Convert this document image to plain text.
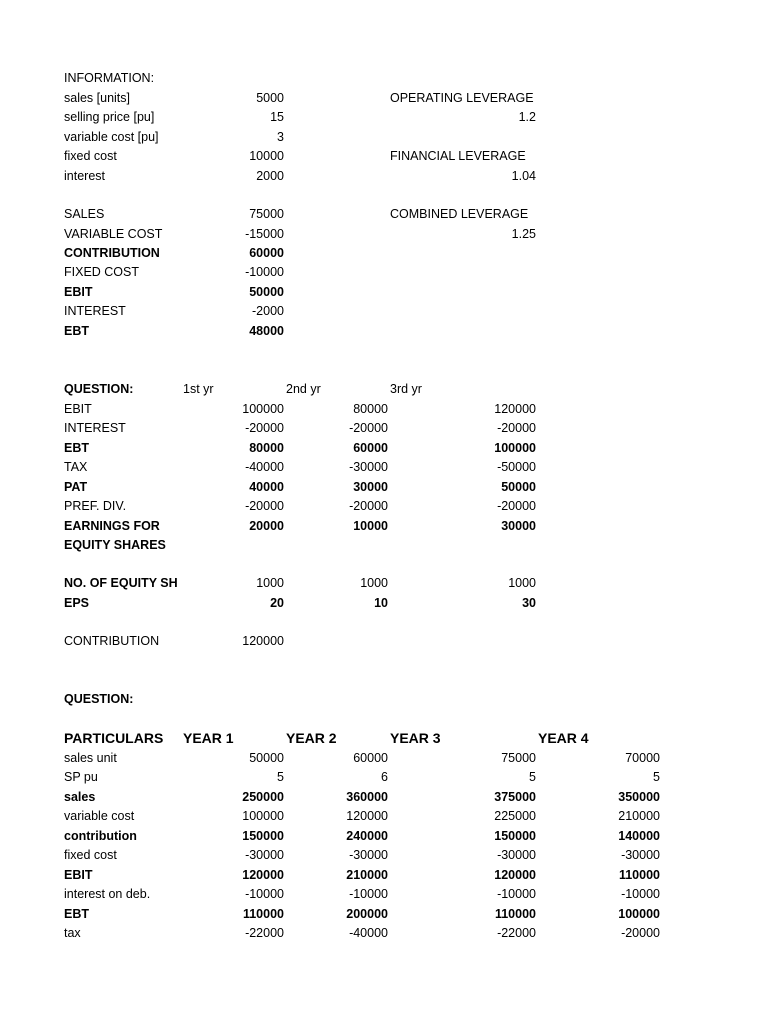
INFORMATION:
sales [units]	5000	OPERATING LEVERAGE
selling price [pu]	15	1.2
variable cost [pu]	3
fixed cost	10000	FINANCIAL LEVERAGE
interest	2000	1.04
SALES	75000	COMBINED LEVERAGE
VARIABLE COST	-15000	1.25
CONTRIBUTION	60000
FIXED COST	-10000
EBIT	50000
INTEREST	-2000
EBT	48000
QUESTION:	1st yr	2nd yr	3rd yr
EBIT	100000	80000	120000
INTEREST	-20000	-20000	-20000
EBT	80000	60000	100000
TAX	-40000	-30000	-50000
PAT	40000	30000	50000
PREF. DIV.	-20000	-20000	-20000
EARNINGS FOR	20000	10000	30000
EQUITY SHARES
NO. OF EQUITY SH	1000	1000	1000
EPS	20	10	30
CONTRIBUTION	120000
QUESTION:
PARTICULARS YEAR 1	YEAR 2	YEAR 3	YEAR 4
sales unit	50000	60000	75000	70000
SP pu	5	6	5	5
sales	250000	360000	375000	350000
variable cost	100000	120000	225000	210000
contribution	150000	240000	150000	140000
fixed cost	-30000	-30000	-30000	-30000
EBIT	120000	210000	120000	110000
interest on deb.	-10000	-10000	-10000	-10000
EBT	110000	200000	110000	100000
tax	-22000	-40000	-22000	-20000
